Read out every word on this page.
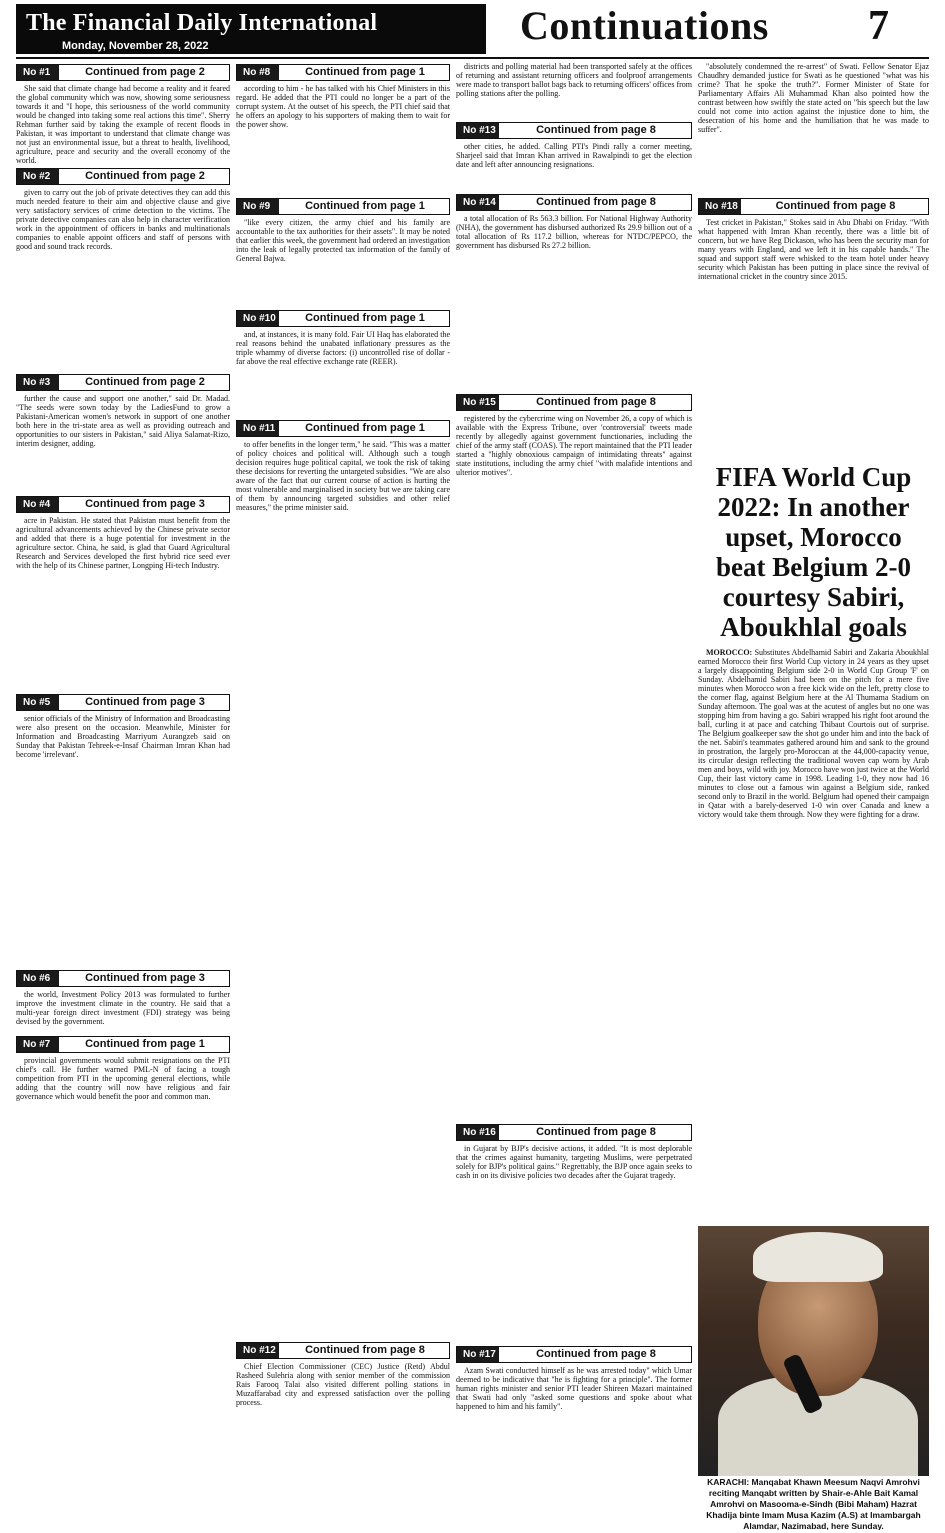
The Financial Daily International
Monday, November 28, 2022	Continuations 7
No #1	Continued from page 2

She said that climate change had become a reality and it feared the global community which was now, showing some seriousness towards it and "I hope, this seriousness of the world community would be changed into taking some real actions this time". Sherry Rehman further said by taking the example of recent floods in Pakistan, it was important to understand that climate change was not just an environmental issue, but a threat to health, livelihood, agriculture, peace and security and the overall economy of the world.

No #2	Continued from page 2

given to carry out the job of private detectives they can add this much needed feature to their aim and objective clause and give very satisfactory services of crime detection to the victims. The private detective companies can also help in character verification work in the appointment of officers in banks and multinationals companies to enable appoint officers and staff of persons with good and sound track records.

No #3	Continued from page 2

further the cause and support one another," said Dr. Madad. "The seeds were sown today by the LadiesFund to grow a Pakistani-American women's network in support of one another both here in the tri-state area as well as providing outreach and opportunities to our sisters in Pakistan," said Aliya Salamat-Rizo, interim designer, adding.

No #4	Continued from page 3

acre in Pakistan. He stated that Pakistan must benefit from the agricultural advancements achieved by the Chinese private sector and added that there is a huge potential for investment in the agriculture sector. China, he said, is glad that Guard Agricultural Research and Services developed the first hybrid rice seed ever with the help of its Chinese partner, Longping Hi-tech Industry.

No #5	Continued from page 3

senior officials of the Ministry of Information and Broadcasting were also present on the occasion. Meanwhile, Minister for Information and Broadcasting Marriyum Aurangzeb said on Sunday that Pakistan Tehreek-e-Insaf Chairman Imran Khan had become 'irrelevant'.

No #6	Continued from page 3

the world, Investment Policy 2013 was formulated to further improve the investment climate in the country. He said that a multi-year foreign direct investment (FDI) strategy was being devised by the government.

No #7	Continued from page 1

provincial governments would submit resignations on the PTI chief's call. He further warned PML-N of facing a tough competition from PTI in the upcoming general elections, while adding that the country will now have religious and fair governance which would benefit the poor and common man.

No #8	Continued from page 1

according to him - he has talked with his Chief Ministers in this regard. He added that the PTI could no longer be a part of the corrupt system. At the outset of his speech, the PTI chief said that he offers an apology to his supporters of making them to wait for the power show.

No #9	Continued from page 1

"like every citizen, the army chief and his family are accountable to the tax authorities for their assets". It may be noted that earlier this week, the government had ordered an investigation into the leak of legally protected tax information of the family of General Bajwa.

No #10	Continued from page 1

and, at instances, it is many fold. Fair UI Haq has elaborated the real reasons behind the unabated inflationary pressures as the triple whammy of diverse factors: (i) uncontrolled rise of dollar - far above the real effective exchange rate (REER).

No #11	Continued from page 1

to offer benefits in the longer term," he said. "This was a matter of policy choices and political will. Although such a tough decision requires huge political capital, we took the risk of taking these decisions for reverting the untargeted subsidies. "We are also aware of the fact that our current course of action is hurting the most vulnerable and marginalised in society but we are taking care of them by announcing targeted subsidies and other relief measures," the prime minister said.

No #12	Continued from page 8

Chief Election Commissioner (CEC) Justice (Retd) Abdul Rasheed Sulehria along with senior member of the commission Rais Farooq Talai also visited different polling stations in Muzaffarabad city and expressed satisfaction over the polling process.

districts and polling material had been transported safely at the offices of returning and assistant returning officers and foolproof arrangements were made to transport ballot bags back to returning officers' offices from polling stations after the polling.

No #13	Continued from page 8

other cities, he added. Calling PTI's Pindi rally a corner meeting, Sharjeel said that Imran Khan arrived in Rawalpindi to get the election date and left after announcing resignations.

No #14	Continued from page 8

a total allocation of Rs 563.3 billion. For National Highway Authority (NHA), the government has disbursed authorized Rs 29.9 billion out of a total allocation of Rs 117.2 billion, whereas for NTDC/PEPCO, the government has disbursed Rs 27.2 billion.

No #15	Continued from page 8

registered by the cybercrime wing on November 26, a copy of which is available with the Express Tribune, over 'controversial' tweets made recently by allegedly against government functionaries, including the chief of the army staff (COAS). The report maintained that the PTI leader started a "highly obnoxious campaign of intimidating threats" against state institutions, including the army chief "with malafide intentions and ulterior motives".

No #16	Continued from page 8

in Gujarat by BJP's decisive actions, it added. "It is most deplorable that the crimes against humanity, targeting Muslims, were perpetrated solely for BJP's political gains." Regrettably, the BJP once again seeks to cash in on its divisive policies two decades after the Gujarat tragedy.

No #17	Continued from page 8

Azam Swati conducted himself as he was arrested today" which Umar deemed to be indicative that "he is fighting for a principle". The former human rights minister and senior PTI leader Shireen Mazari maintained that Swati had only "asked some questions and spoke about what happened to him and his family".

"absolutely condemned the re-arrest" of Swati. Fellow Senator Ejaz Chaudhry demanded justice for Swati as he questioned "what was his crime? That he spoke the truth?". Former Minister of State for Parliamentary Affairs Ali Muhammad Khan also pointed how the contrast between how swiftly the state acted on "his speech but the law could not come into action against the injustice done to him, the desecration of his home and the humiliation that he was made to suffer".

No #18	Continued from page 8

Test cricket in Pakistan," Stokes said in Abu Dhabi on Friday. "With what happened with Imran Khan recently, there was a little bit of concern, but we have Reg Dickason, who has been the security man for many years with England, and we left it in his capable hands." The squad and support staff were whisked to the team hotel under heavy security which Pakistan has been putting in place since the revival of international cricket in the country since 2015.

FIFA World Cup 2022: In another upset, Morocco beat Belgium 2-0 courtesy Sabiri, Aboukhlal goals

MOROCCO: Substitutes Abdelhamid Sabiri and Zakaria Aboukhlal earned Morocco their first World Cup victory in 24 years as they upset a largely disappointing Belgium side 2-0 in World Cup Group 'F' on Sunday. Abdelhamid Sabiri had been on the pitch for a mere five minutes when Morocco won a free kick wide on the left, pretty close to the corner flag, against Belgium here at the Al Thumama Stadium on Sunday afternoon. The goal was at the acutest of angles but no one was stopping him from having a go. Sabiri wrapped his right foot around the ball, curling it at pace and catching Thibaut Courtois out of surprise. The Belgium goalkeeper saw the shot go under him and into the back of the net. Sabiri's teammates gathered around him and sank to the ground in prostration, the largely pro-Moroccan at the 44,000-capacity venue, its circular design reflecting the traditional woven cap worn by Arab men and boys, wild with joy. Morocco have won just twice at the World Cup, their last victory came in 1998. Leading 1-0, they now had 16 minutes to close out a famous win against a Belgium side, ranked second only to Brazil in the world. Belgium had opened their campaign in Qatar with a barely-deserved 1-0 win over Canada and knew a victory would take them through. Now they were fighting for a draw.

KARACHI: Manqabat Khawn Meesum Naqvi Amrohvi reciting Manqabt written by Shair-e-Ahle Bait Kamal Amrohvi on Masooma-e-Sindh (Bibi Maham) Hazrat Khadija binte Imam Musa Kazim (A.S) at Imambargah Alamdar, Nazimabad, here Sunday.
